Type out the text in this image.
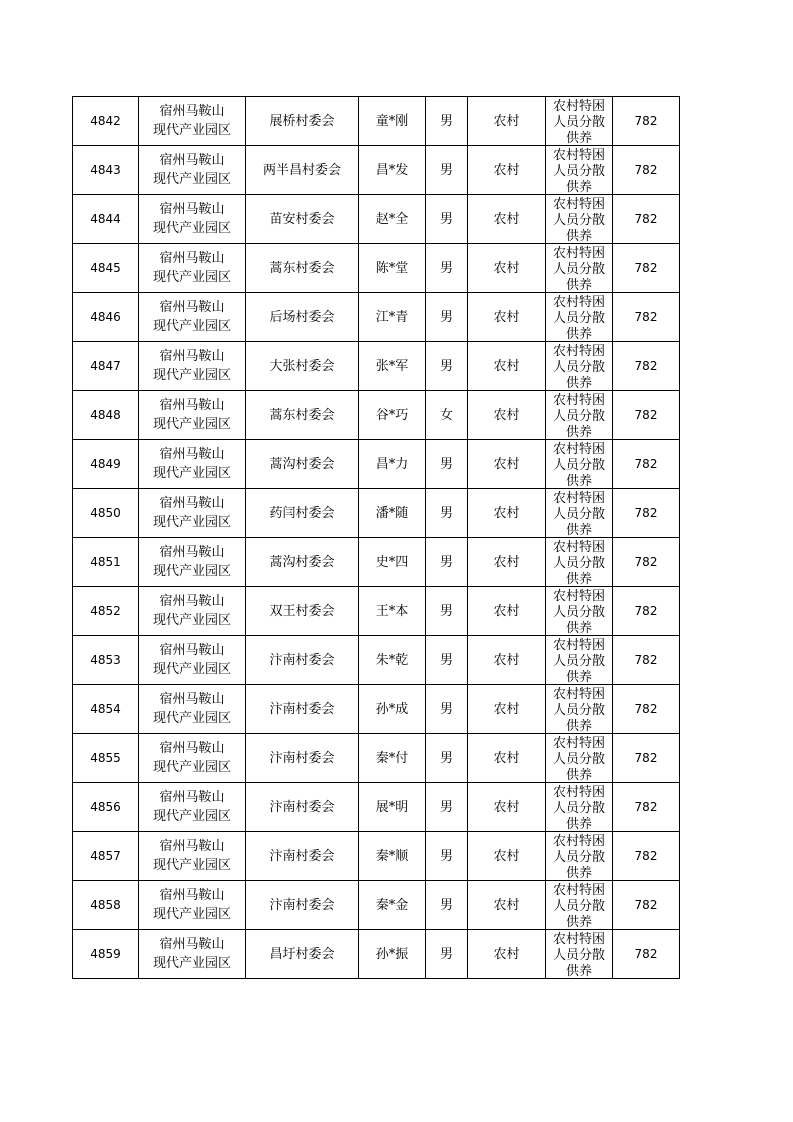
4842	宿州马鞍山
现代产业园区	展桥村委会	童*刚	男	农村	农村特困
人员分散
供养	782
4843	宿州马鞍山
现代产业园区	两半昌村委会	昌*发	男	农村	农村特困
人员分散
供养	782
4844	宿州马鞍山
现代产业园区	苗安村委会	赵*全	男	农村	农村特困
人员分散
供养	782
4845	宿州马鞍山
现代产业园区	蒿东村委会	陈*堂	男	农村	农村特困
人员分散
供养	782
4846	宿州马鞍山
现代产业园区	后场村委会	江*青	男	农村	农村特困
人员分散
供养	782
4847	宿州马鞍山
现代产业园区	大张村委会	张*军	男	农村	农村特困
人员分散
供养	782
4848	宿州马鞍山
现代产业园区	蒿东村委会	谷*巧	女	农村	农村特困
人员分散
供养	782
4849	宿州马鞍山
现代产业园区	蒿沟村委会	昌*力	男	农村	农村特困
人员分散
供养	782
4850	宿州马鞍山
现代产业园区	药闫村委会	潘*随	男	农村	农村特困
人员分散
供养	782
4851	宿州马鞍山
现代产业园区	蒿沟村委会	史*四	男	农村	农村特困
人员分散
供养	782
4852	宿州马鞍山
现代产业园区	双王村委会	王*本	男	农村	农村特困
人员分散
供养	782
4853	宿州马鞍山
现代产业园区	汴南村委会	朱*乾	男	农村	农村特困
人员分散
供养	782
4854	宿州马鞍山
现代产业园区	汴南村委会	孙*成	男	农村	农村特困
人员分散
供养	782
4855	宿州马鞍山
现代产业园区	汴南村委会	秦*付	男	农村	农村特困
人员分散
供养	782
4856	宿州马鞍山
现代产业园区	汴南村委会	展*明	男	农村	农村特困
人员分散
供养	782
4857	宿州马鞍山
现代产业园区	汴南村委会	秦*顺	男	农村	农村特困
人员分散
供养	782
4858	宿州马鞍山
现代产业园区	汴南村委会	秦*金	男	农村	农村特困
人员分散
供养	782
4859	宿州马鞍山
现代产业园区	昌圩村委会	孙*振	男	农村	农村特困
人员分散
供养	782
